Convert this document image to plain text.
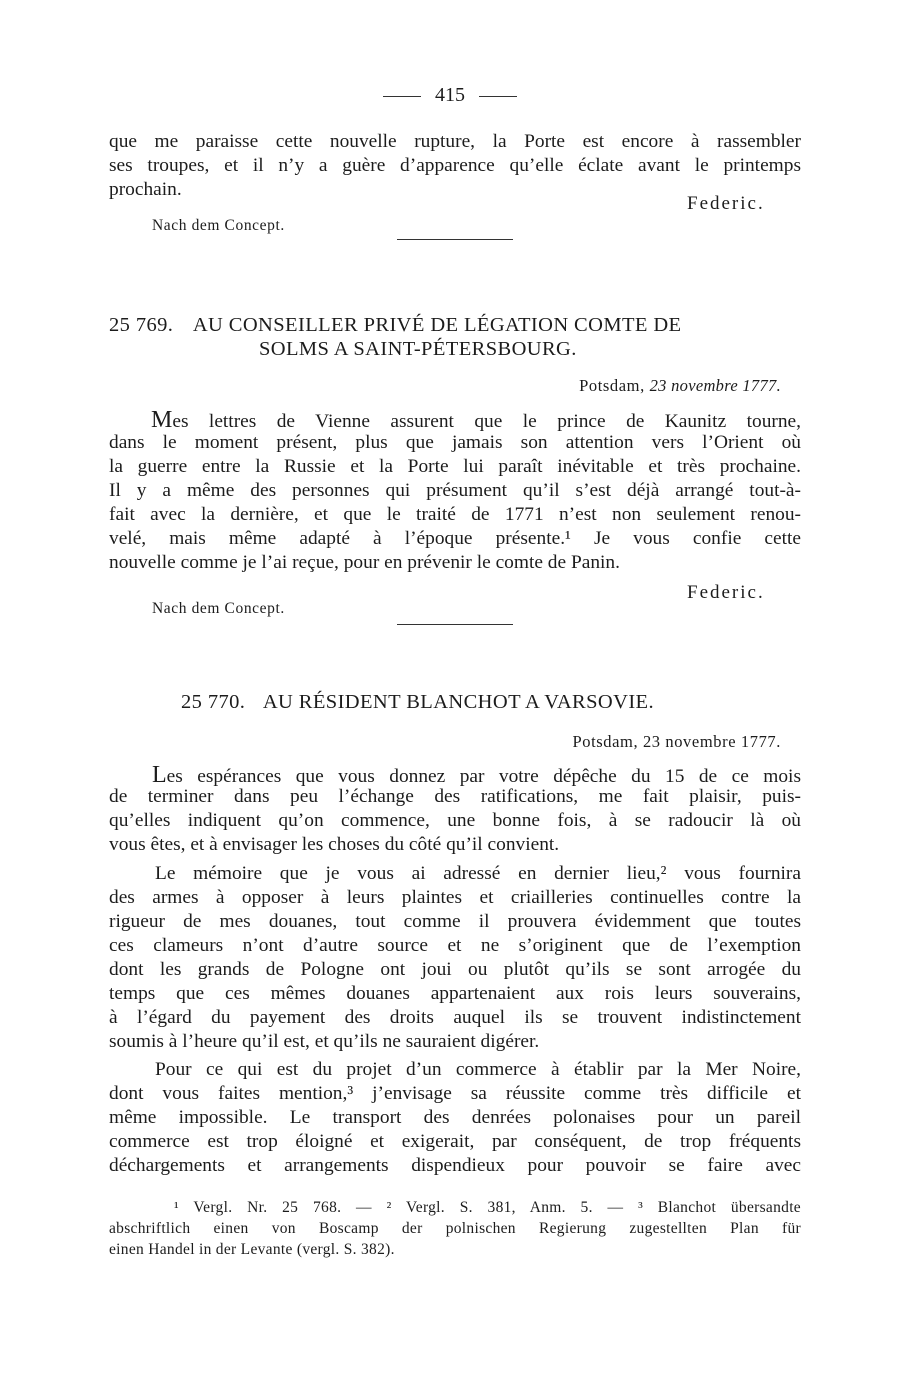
415
que me paraisse cette nouvelle rupture, la Porte est encore à rassembler
ses troupes, et il n’y a guère d’apparence qu’elle éclate avant le printemps
prochain.
Federic.
Nach dem Concept.
25 769. AU CONSEILLER PRIVÉ DE LÉGATION COMTE DE
SOLMS A SAINT-PÉTERSBOURG.
Potsdam, 23 novembre 1777.
Mes lettres de Vienne assurent que le prince de Kaunitz tourne,
dans le moment présent, plus que jamais son attention vers l’Orient où
la guerre entre la Russie et la Porte lui paraît inévitable et très prochaine.
Il y a même des personnes qui présument qu’il s’est déjà arrangé tout-à-
fait avec la dernière, et que le traité de 1771 n’est non seulement renou-
velé, mais même adapté à l’époque présente.¹ Je vous confie cette
nouvelle comme je l’ai reçue, pour en prévenir le comte de Panin.
Federic.
Nach dem Concept.
25 770. AU RÉSIDENT BLANCHOT A VARSOVIE.
Potsdam, 23 novembre 1777.
Les espérances que vous donnez par votre dépêche du 15 de ce mois
de terminer dans peu l’échange des ratifications, me fait plaisir, puis-
qu’elles indiquent qu’on commence, une bonne fois, à se radoucir là où
vous êtes, et à envisager les choses du côté qu’il convient.
Le mémoire que je vous ai adressé en dernier lieu,² vous fournira
des armes à opposer à leurs plaintes et criailleries continuelles contre la
rigueur de mes douanes, tout comme il prouvera évidemment que toutes
ces clameurs n’ont d’autre source et ne s’originent que de l’exemption
dont les grands de Pologne ont joui ou plutôt qu’ils se sont arrogée du
temps que ces mêmes douanes appartenaient aux rois leurs souverains,
à l’égard du payement des droits auquel ils se trouvent indistinctement
soumis à l’heure qu’il est, et qu’ils ne sauraient digérer.
Pour ce qui est du projet d’un commerce à établir par la Mer Noire,
dont vous faites mention,³ j’envisage sa réussite comme très difficile et
même impossible. Le transport des denrées polonaises pour un pareil
commerce est trop éloigné et exigerait, par conséquent, de trop fréquents
déchargements et arrangements dispendieux pour pouvoir se faire avec
¹ Vergl. Nr. 25 768. — ² Vergl. S. 381, Anm. 5. — ³ Blanchot übersandte
abschriftlich einen von Boscamp der polnischen Regierung zugestellten Plan für
einen Handel in der Levante (vergl. S. 382).
